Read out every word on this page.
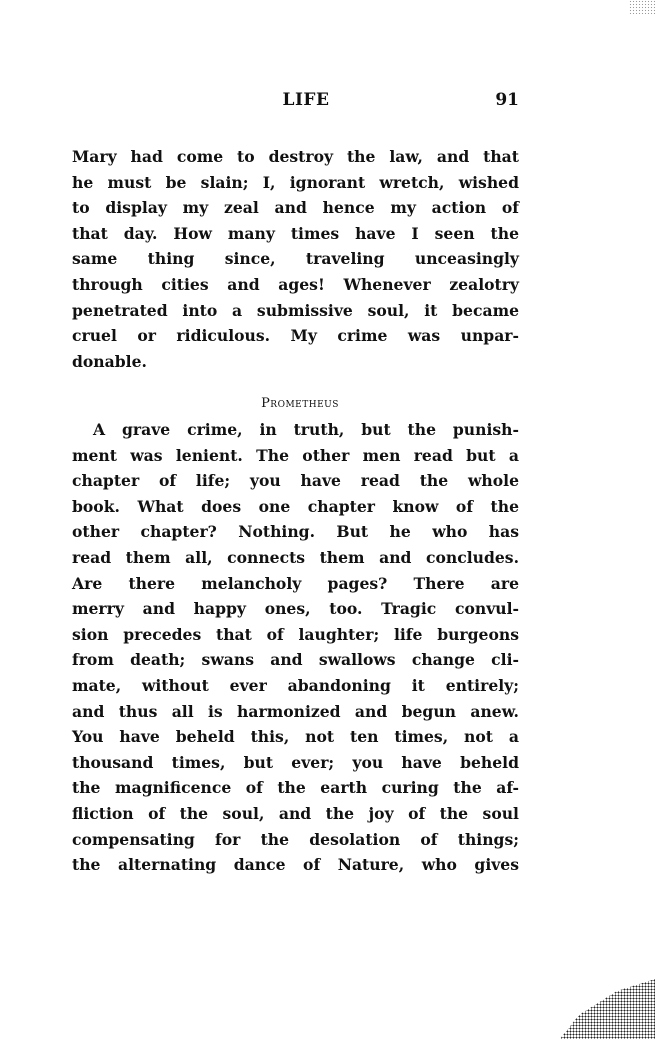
LIFE	91
Mary had come to destroy the law, and that
he must be slain; I, ignorant wretch, wished
to display my zeal and hence my action of
that day. How many times have I seen the
same thing since, traveling unceasingly
through cities and ages! Whenever zealotry
penetrated into a submissive soul, it became
cruel or ridiculous. My crime was unpar-
donable.
Prometheus
A grave crime, in truth, but the punish-
ment was lenient. The other men read but a
chapter of life; you have read the whole
book. What does one chapter know of the
other chapter? Nothing. But he who has
read them all, connects them and concludes.
Are there melancholy pages? There are
merry and happy ones, too. Tragic convul-
sion precedes that of laughter; life burgeons
from death; swans and swallows change cli-
mate, without ever abandoning it entirely;
and thus all is harmonized and begun anew.
You have beheld this, not ten times, not a
thousand times, but ever; you have beheld
the magnificence of the earth curing the af-
fliction of the soul, and the joy of the soul
compensating for the desolation of things;
the alternating dance of Nature, who gives
